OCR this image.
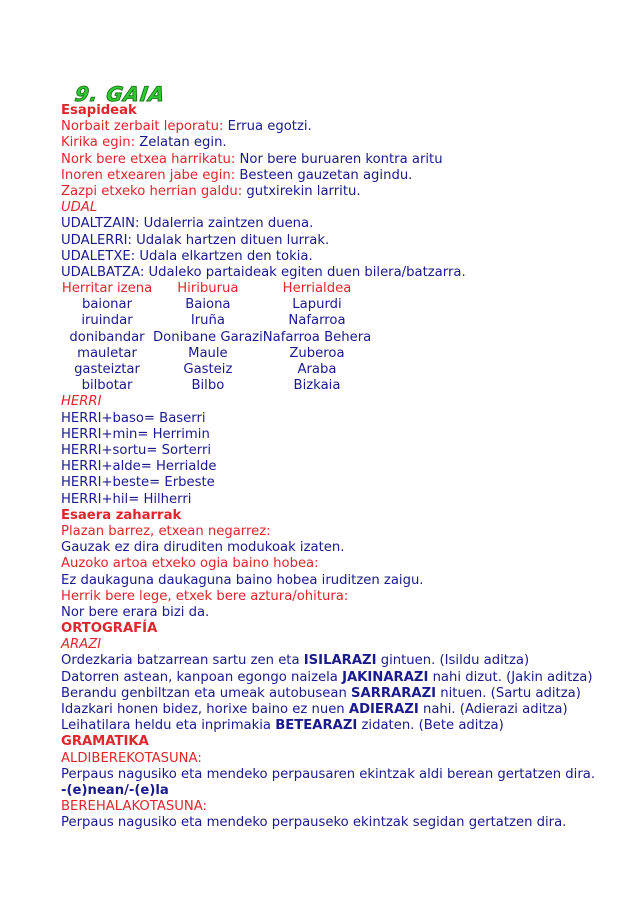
9. GAIA
Esapideak
Norbait zerbait leporatu: Errua egotzi.
Kirika egin: Zelatan egin.
Nork bere etxea harrikatu: Nor bere buruaren kontra aritu
Inoren etxearen jabe egin: Besteen gauzetan agindu.
Zazpi etxeko herrian galdu: gutxirekin larritu.
UDAL
UDALTZAIN: Udalerria zaintzen duena.
UDALERRI: Udalak hartzen dituen lurrak.
UDALETXE: Udala elkartzen den tokia.
UDALBATZA: Udaleko partaideak egiten duen bilera/batzarra.
Herritar izena	Hiriburua	Herrialdea
baionar	Baiona	Lapurdi
iruindar	Iruña	Nafarroa
donibandar	Donibane Garazi	Nafarroa Behera
mauletar	Maule	Zuberoa
gasteiztar	Gasteiz	Araba
bilbotar	Bilbo	Bizkaia
HERRI
HERRI+baso= Baserri
HERRI+min= Herrimin
HERRI+sortu= Sorterri
HERRI+alde= Herrialde
HERRI+beste= Erbeste
HERRI+hil= Hilherri
Esaera zaharrak
Plazan barrez, etxean negarrez:
Gauzak ez dira diruditen modukoak izaten.
Auzoko artoa etxeko ogia baino hobea:
Ez daukaguna daukaguna baino hobea iruditzen zaigu.
Herrik bere lege, etxek bere aztura/ohitura:
Nor bere erara bizi da.
ORTOGRAFÍA
ARAZI
Ordezkaria batzarrean sartu zen eta ISILARAZI gintuen. (Isildu aditza)
Datorren astean, kanpoan egongo naizela JAKINARAZI nahi dizut. (Jakin aditza)
Berandu genbiltzan eta umeak autobusean SARRARAZI nituen. (Sartu aditza)
Idazkari honen bidez, horixe baino ez nuen ADIERAZI nahi. (Adierazi aditza)
Leihatilara heldu eta inprimakia BETEARAZI zidaten. (Bete aditza)
GRAMATIKA
ALDIBEREKOTASUNA:
Perpaus nagusiko eta mendeko perpausaren ekintzak aldi berean gertatzen dira.
-(e)nean/-(e)la
BEREHALAKOTASUNA:
Perpaus nagusiko eta mendeko perpauseko ekintzak segidan gertatzen dira.
